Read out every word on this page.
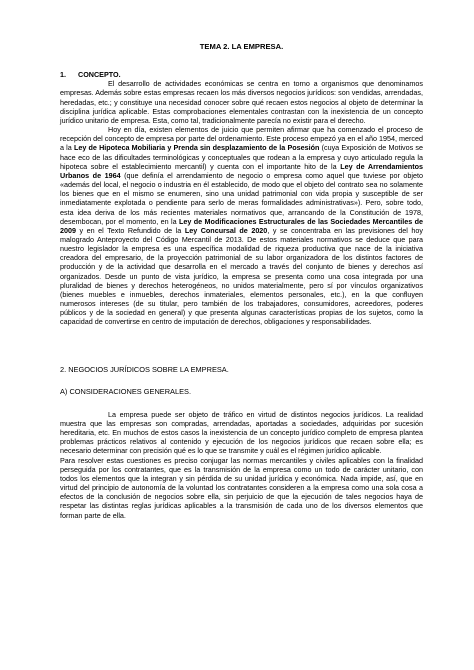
TEMA 2. LA EMPRESA.
1. CONCEPTO.

El desarrollo de actividades económicas se centra en torno a organismos que denominamos empresas. Además sobre estas empresas recaen los más diversos negocios jurídicos: son vendidas, arrendadas, heredadas, etc.; y constituye una necesidad conocer sobre qué recaen estos negocios al objeto de determinar la disciplina jurídica aplicable. Estas comprobaciones elementales contrastan con la inexistencia de un concepto jurídico unitario de empresa. Esta, como tal, tradicionalmente parecía no existir para el derecho.

Hoy en día, existen elementos de juicio que permiten afirmar que ha comenzado el proceso de recepción del concepto de empresa por parte del ordenamiento. Este proceso empezó ya en el año 1954, merced a la Ley de Hipoteca Mobiliaria y Prenda sin desplazamiento de la Posesión (cuya Exposición de Motivos se hace eco de las dificultades terminológicas y conceptuales que rodean a la empresa y cuyo articulado regula la hipoteca sobre el establecimiento mercantil) y cuenta con el importante hito de la Ley de Arrendamientos Urbanos de 1964 (que definía el arrendamiento de negocio o empresa como aquel que tuviese por objeto «además del local, el negocio o industria en él establecido, de modo que el objeto del contrato sea no solamente los bienes que en el mismo se enumeren, sino una unidad patrimonial con vida propia y susceptible de ser inmediatamente explotada o pendiente para serlo de meras formalidades administrativas»). Pero, sobre todo, esta idea deriva de los más recientes materiales normativos que, arrancando de la Constitución de 1978, desembocan, por el momento, en la Ley de Modificaciones Estructurales de las Sociedades Mercantiles de 2009 y en el Texto Refundido de la Ley Concursal de 2020, y se concentraba en las previsiones del hoy malogrado Anteproyecto del Código Mercantil de 2013. De estos materiales normativos se deduce que para nuestro legislador la empresa es una específica modalidad de riqueza productiva que nace de la iniciativa creadora del empresario, de la proyección patrimonial de su labor organizadora de los distintos factores de producción y de la actividad que desarrolla en el mercado a través del conjunto de bienes y derechos así organizados. Desde un punto de vista jurídico, la empresa se presenta como una cosa integrada por una pluralidad de bienes y derechos heterogéneos, no unidos materialmente, pero sí por vínculos organizativos (bienes muebles e inmuebles, derechos inmateriales, elementos personales, etc.), en la que confluyen numerosos intereses (de su titular, pero también de los trabajadores, consumidores, acreedores, poderes públicos y de la sociedad en general) y que presenta algunas características propias de los sujetos, como la capacidad de convertirse en centro de imputación de derechos, obligaciones y responsabilidades.

2. NEGOCIOS JURÍDICOS SOBRE LA EMPRESA.
A) CONSIDERACIONES GENERALES.

La empresa puede ser objeto de tráfico en virtud de distintos negocios jurídicos. La realidad muestra que las empresas son compradas, arrendadas, aportadas a sociedades, adquiridas por sucesión hereditaria, etc. En muchos de estos casos la inexistencia de un concepto jurídico completo de empresa plantea problemas prácticos relativos al contenido y ejecución de los negocios jurídicos que recaen sobre ella; es necesario determinar con precisión qué es lo que se transmite y cuál es el régimen jurídico aplicable.

Para resolver estas cuestiones es preciso conjugar las normas mercantiles y civiles aplicables con la finalidad perseguida por los contratantes, que es la transmisión de la empresa como un todo de carácter unitario, con todos los elementos que la integran y sin pérdida de su unidad jurídica y económica. Nada impide, así, que en virtud del principio de autonomía de la voluntad los contratantes consideren a la empresa como una sola cosa a efectos de la conclusión de negocios sobre ella, sin perjuicio de que la ejecución de tales negocios haya de respetar las distintas reglas jurídicas aplicables a la transmisión de cada uno de los diversos elementos que forman parte de ella.
